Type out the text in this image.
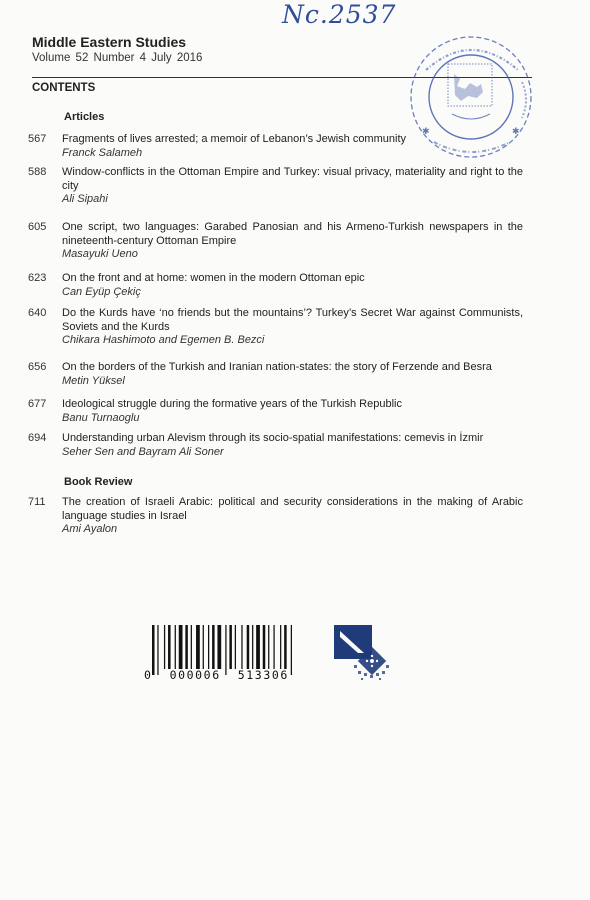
Nc.2537
Middle Eastern Studies
Volume 52 Number 4 July 2016
CONTENTS
✱	✱
Articles
567	Fragments of lives arrested; a memoir of Lebanon’s Jewish community
Franck Salameh
588	Window-conflicts in the Ottoman Empire and Turkey: visual privacy, materiality and right to the city
Ali Sipahi
605	One script, two languages: Garabed Panosian and his Armeno-Turkish newspapers in the nineteenth-century Ottoman Empire
Masayuki Ueno
623	On the front and at home: women in the modern Ottoman epic
Can Eyüp Çekiç
640	Do the Kurds have ‘no friends but the mountains’? Turkey’s Secret War against Communists, Soviets and the Kurds
Chikara Hashimoto and Egemen B. Bezci
656	On the borders of the Turkish and Iranian nation-states: the story of Ferzende and Besra
Metin Yüksel
677	Ideological struggle during the formative years of the Turkish Republic
Banu Turnaoglu
694	Understanding urban Alevism through its socio-spatial manifestations: cemevis in İzmir
Seher Sen and Bayram Ali Soner
Book Review
711	The creation of Israeli Arabic: political and security considerations in the making of Arabic language studies in Israel
Ami Ayalon
0  000006  513306
